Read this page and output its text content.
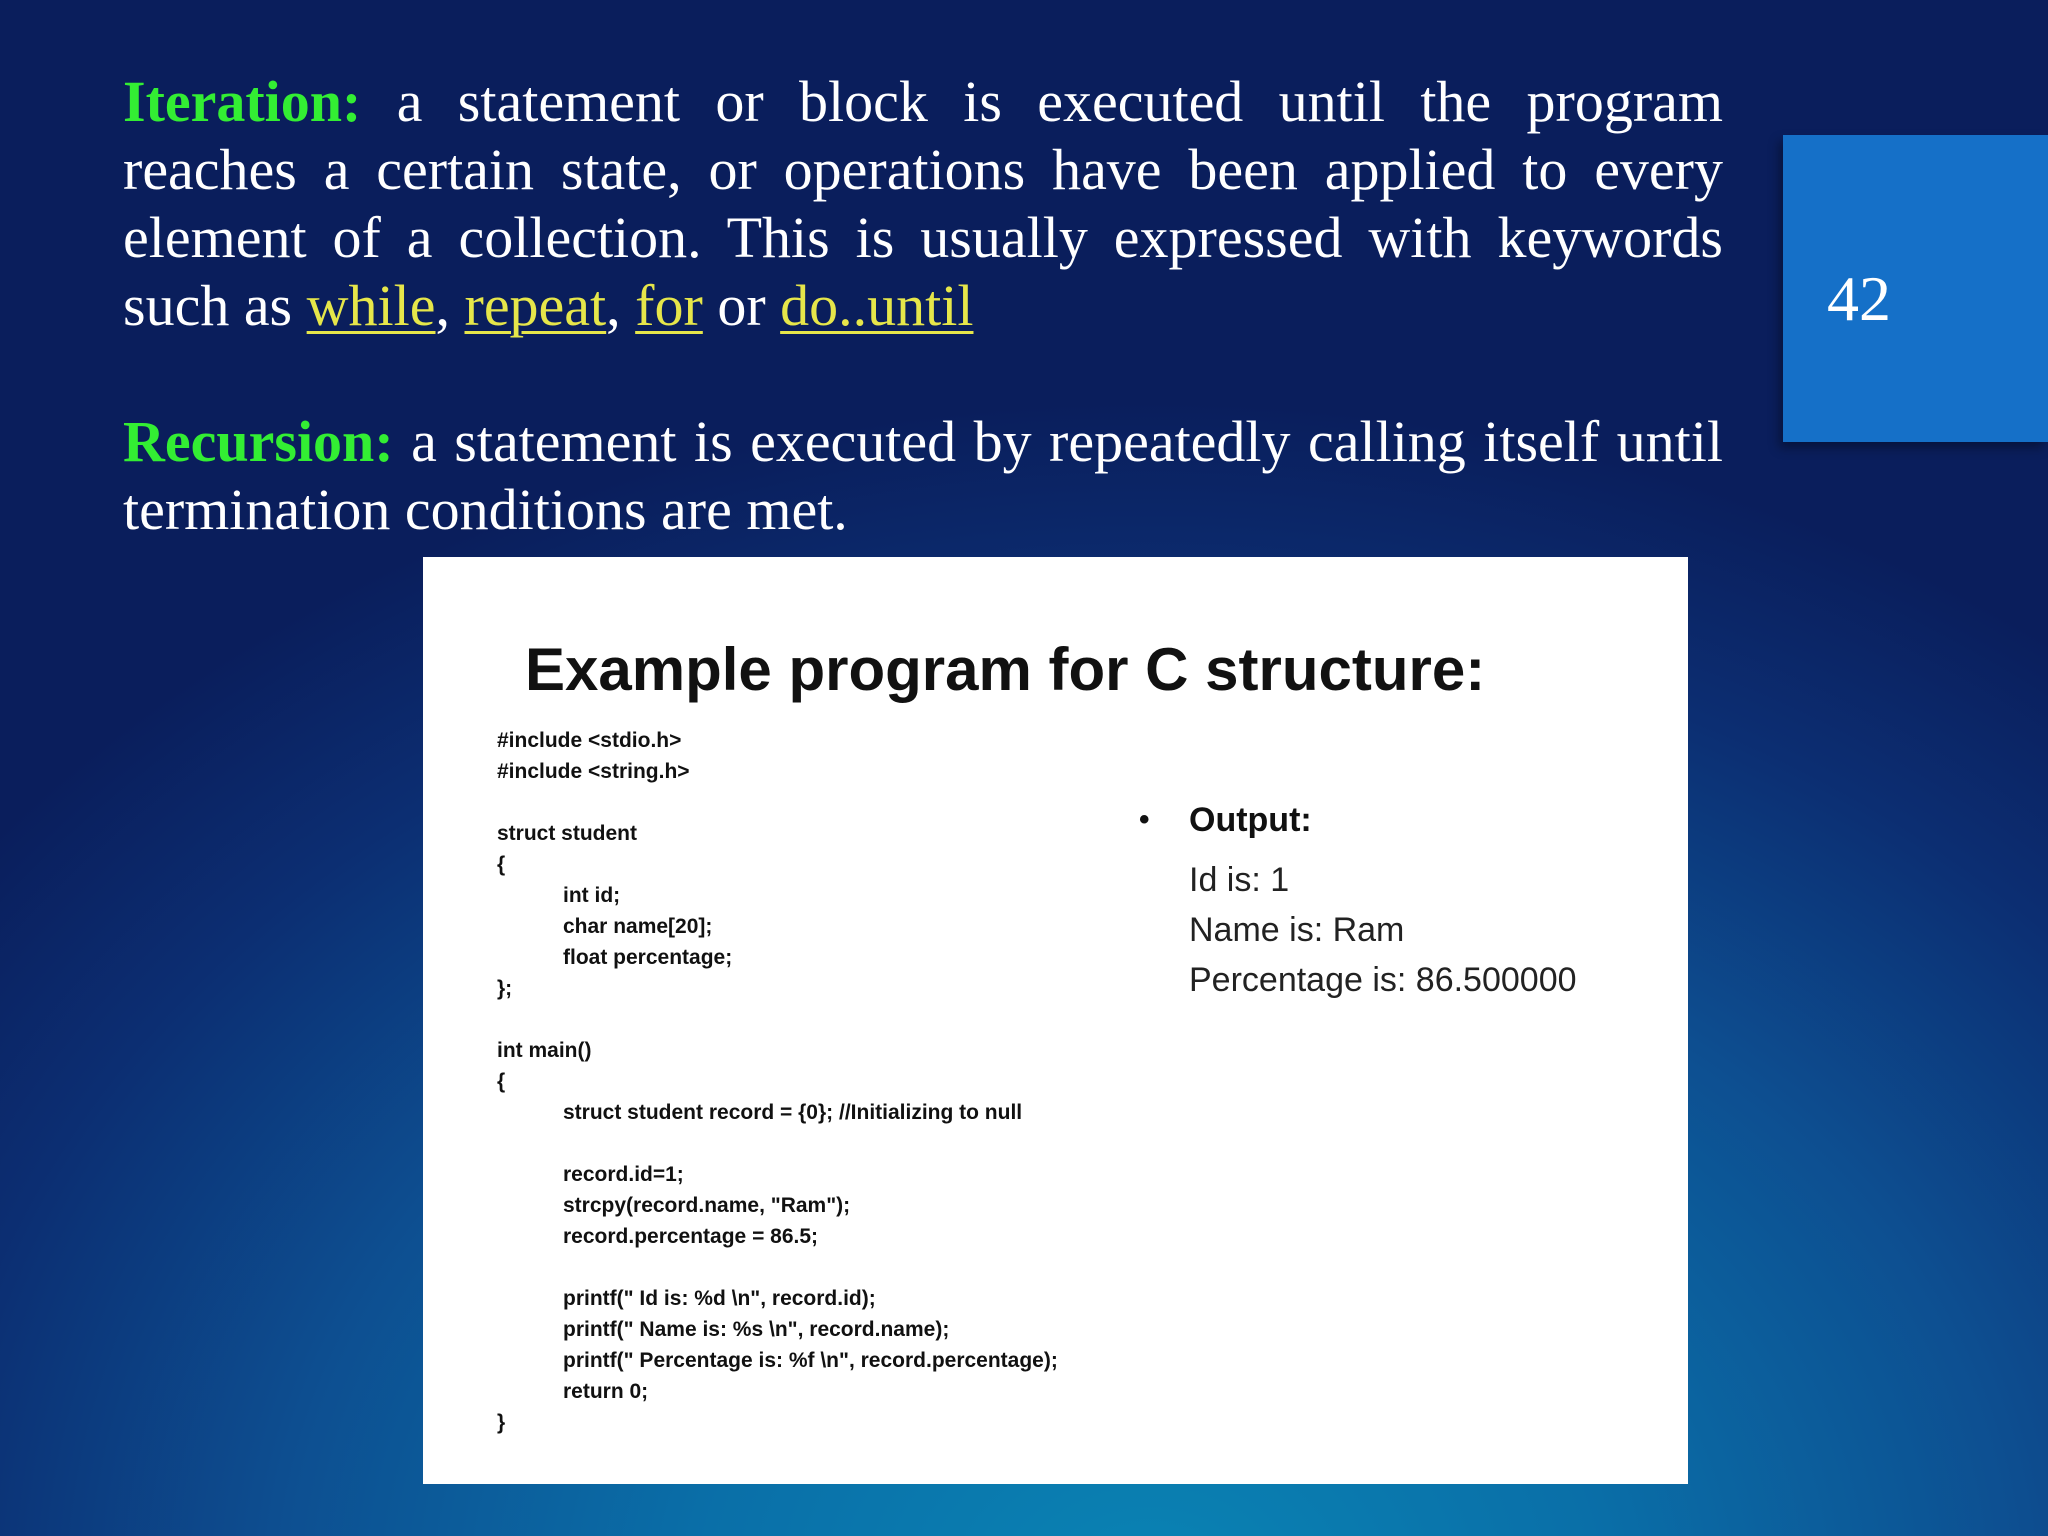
Iteration: a statement or block is executed until the program reaches a certain state, or operations have been applied to every element of a collection. This is usually expressed with keywords such as while, repeat, for or do..until

Recursion: a statement is executed by repeatedly calling itself until termination conditions are met.

42

Example program for C structure:
#include <stdio.h>
#include <string.h>
struct student
{
int id;
char name[20];
float percentage;
};
int main()
{
struct student record = {0}; //Initializing to null
record.id=1;
strcpy(record.name, "Ram");
record.percentage = 86.5;
printf(" Id is: %d \n", record.id);
printf(" Name is: %s \n", record.name);
printf(" Percentage is: %f \n", record.percentage);
return 0;
}
•	Output:
Id is: 1
Name is: Ram
Percentage is: 86.500000
